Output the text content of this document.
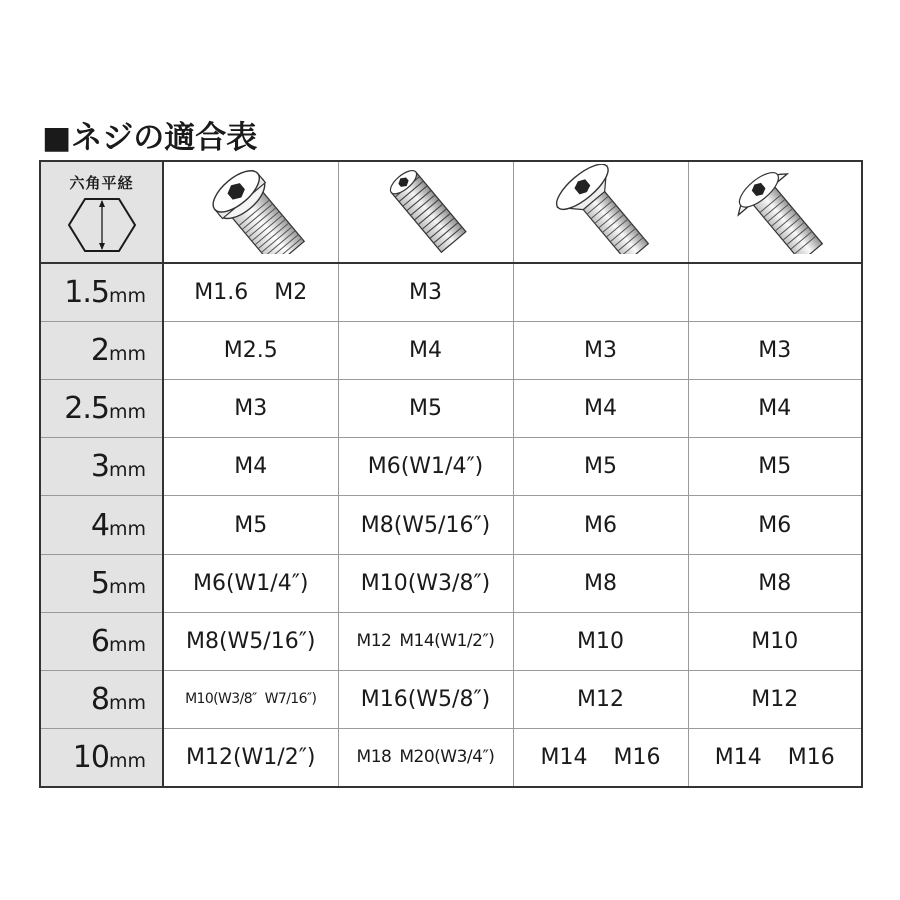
■ネジの適合表
六角平経

1.5mm	M1.6 M2	M3		
2mm	M2.5	M4	M3	M3
2.5mm	M3	M5	M4	M4
3mm	M4	M6(W1/4″)	M5	M5
4mm	M5	M8(W5/16″)	M6	M6
5mm	M6(W1/4″)	M10(W3/8″)	M8	M8
6mm	M8(W5/16″)	M12 M14(W1/2″)	M10	M10
8mm	M10(W3/8″ W7/16″)	M16(W5/8″)	M12	M12
10mm	M12(W1/2″)	M18 M20(W3/4″)	M14 M16	M14 M16
